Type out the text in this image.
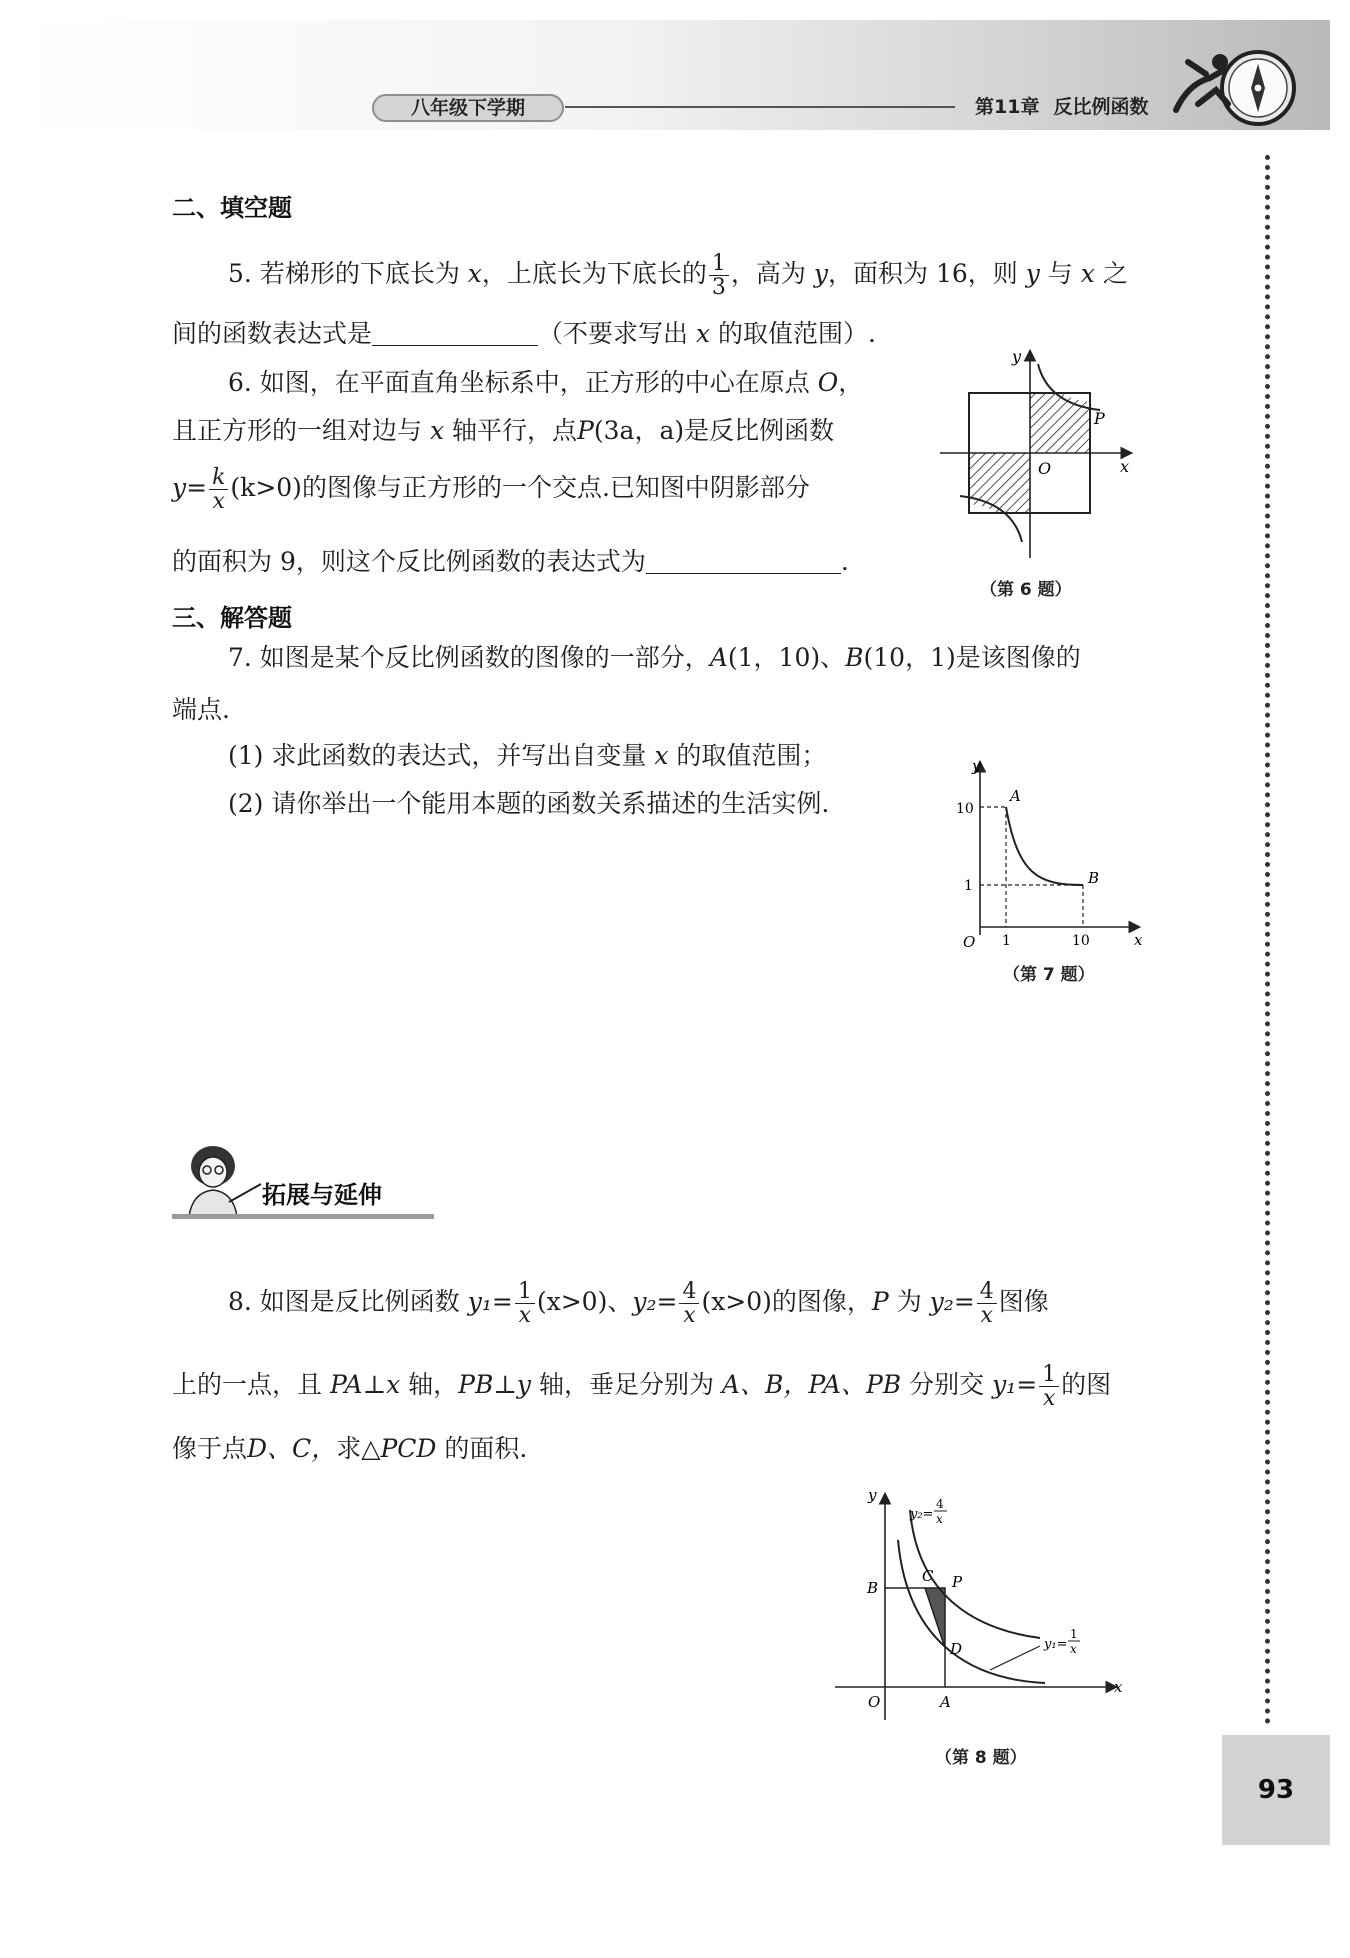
八年级下学期	第11章 反比例函数
93
二、填空题
5. 若梯形的下底长为 x，上底长为下底长的 $\frac{1}{3}$ ，高为 y，面积为 16，则 y 与 x 之
间的函数表达式是	（不要求写出 x 的取值范围）.
6. 如图，在平面直角坐标系中，正方形的中心在原点 O，
且正方形的一组对边与 x 轴平行，点P(3a，a)是反比例函数
$y= \frac{k}{x} (k>0)$的图像与正方形的一个交点.已知图中阴影部分
的面积为 9，则这个反比例函数的表达式为	.
y
x
O
P
（第 6 题）
三、解答题
7. 如图是某个反比例函数的图像的一部分，A(1，10)、B(10，1)是该图像的
端点.
(1) 求此函数的表达式，并写出自变量 x 的取值范围；
(2) 请你举出一个能用本题的函数关系描述的生活实例.
y
x
O
A
B
10
1
1	10
（第 7 题）
拓展与延伸
8. 如图是反比例函数 $y_1= \frac{1}{x} (x>0)$、$y_2= \frac{4}{x} (x>0)$的图像，P 为 $y_2= \frac{4}{x}$ 图像
上的一点，且 PA⊥x 轴，PB⊥y 轴，垂足分别为 A、B，PA、PB 分别交 $y_1= \frac{1}{x}$ 的图
像于点D、C，求△PCD 的面积.
y
x
O	A
B
C
D
P
y₂=
4
x
y₁=
1
x
（第 8 题）
